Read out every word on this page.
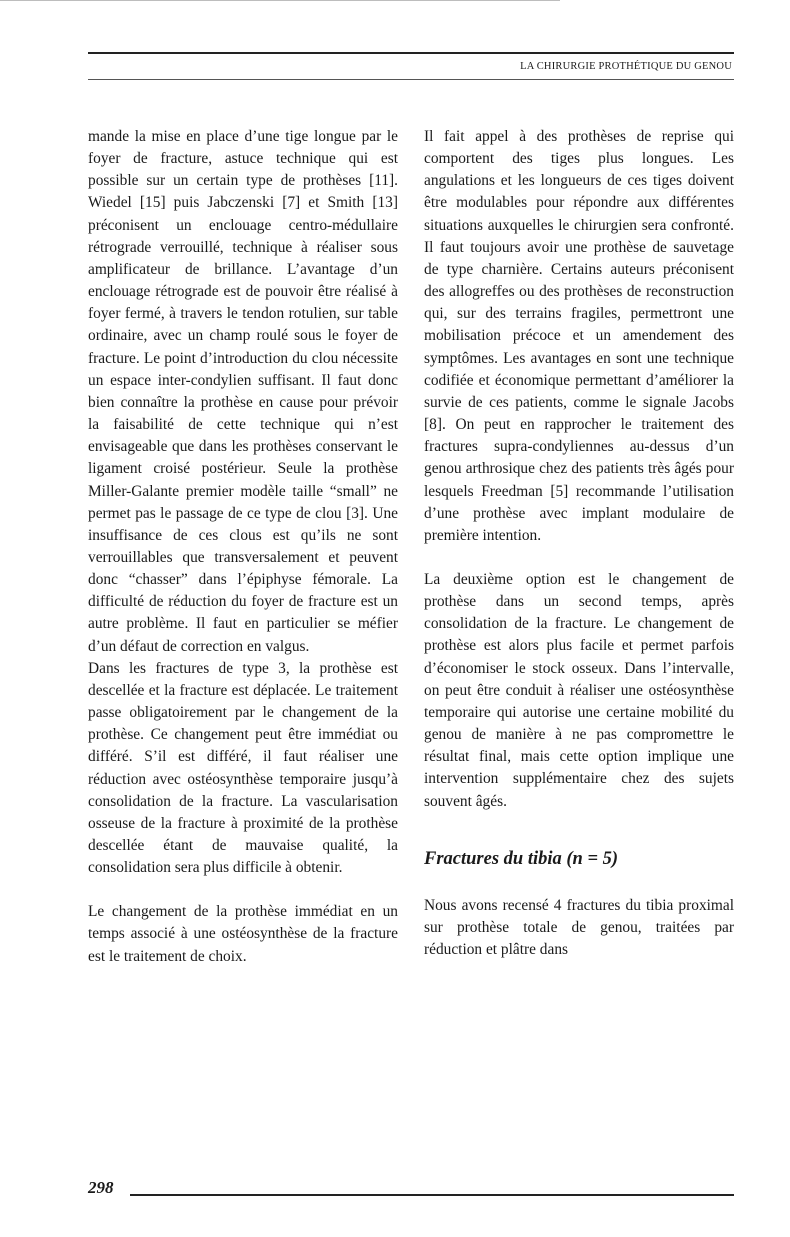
LA CHIRURGIE PROTHÉTIQUE DU GENOU

mande la mise en place d’une tige longue par le foyer de fracture, astuce technique qui est possible sur un certain type de prothèses [11]. Wiedel [15] puis Jabczenski [7] et Smith [13] préconisent un enclouage centro-médullaire rétrograde verrouillé, technique à réaliser sous amplificateur de brillance. L’avantage d’un enclouage rétrograde est de pouvoir être réalisé à foyer fermé, à travers le tendon rotulien, sur table ordinaire, avec un champ roulé sous le foyer de fracture. Le point d’introduction du clou nécessite un espace inter-condylien suffisant. Il faut donc bien connaître la prothèse en cause pour prévoir la faisabilité de cette technique qui n’est envisageable que dans les prothèses conservant le ligament croisé postérieur. Seule la prothèse Miller-Galante premier modèle taille “small” ne permet pas le passage de ce type de clou [3]. Une insuffisance de ces clous est qu’ils ne sont verrouillables que transversalement et peuvent donc “chasser” dans l’épiphyse fémorale. La difficulté de réduction du foyer de fracture est un autre problème. Il faut en particulier se méfier d’un défaut de correction en valgus.

Dans les fractures de type 3, la prothèse est descellée et la fracture est déplacée. Le traitement passe obligatoirement par le changement de la prothèse. Ce changement peut être immédiat ou différé. S’il est différé, il faut réaliser une réduction avec ostéosynthèse temporaire jusqu’à consolidation de la fracture. La vascularisation osseuse de la fracture à proximité de la prothèse descellée étant de mauvaise qualité, la consolidation sera plus difficile à obtenir.

Le changement de la prothèse immédiat en un temps associé à une ostéosynthèse de la fracture est le traitement de choix.

Il fait appel à des prothèses de reprise qui comportent des tiges plus longues. Les angulations et les longueurs de ces tiges doivent être modulables pour répondre aux différentes situations auxquelles le chirurgien sera confronté. Il faut toujours avoir une prothèse de sauvetage de type charnière. Certains auteurs préconisent des allogreffes ou des prothèses de reconstruction qui, sur des terrains fragiles, permettront une mobilisation précoce et un amendement des symptômes. Les avantages en sont une technique codifiée et économique permettant d’améliorer la survie de ces patients, comme le signale Jacobs [8]. On peut en rapprocher le traitement des fractures supra-condyliennes au-dessus d’un genou arthrosique chez des patients très âgés pour lesquels Freedman [5] recommande l’utilisation d’une prothèse avec implant modulaire de première intention.

La deuxième option est le changement de prothèse dans un second temps, après consolidation de la fracture. Le changement de prothèse est alors plus facile et permet parfois d’économiser le stock osseux. Dans l’intervalle, on peut être conduit à réaliser une ostéosynthèse temporaire qui autorise une certaine mobilité du genou de manière à ne pas compromettre le résultat final, mais cette option implique une intervention supplémentaire chez des sujets souvent âgés.

Fractures du tibia (n = 5)

Nous avons recensé 4 fractures du tibia proximal sur prothèse totale de genou, traitées par réduction et plâtre dans

298
